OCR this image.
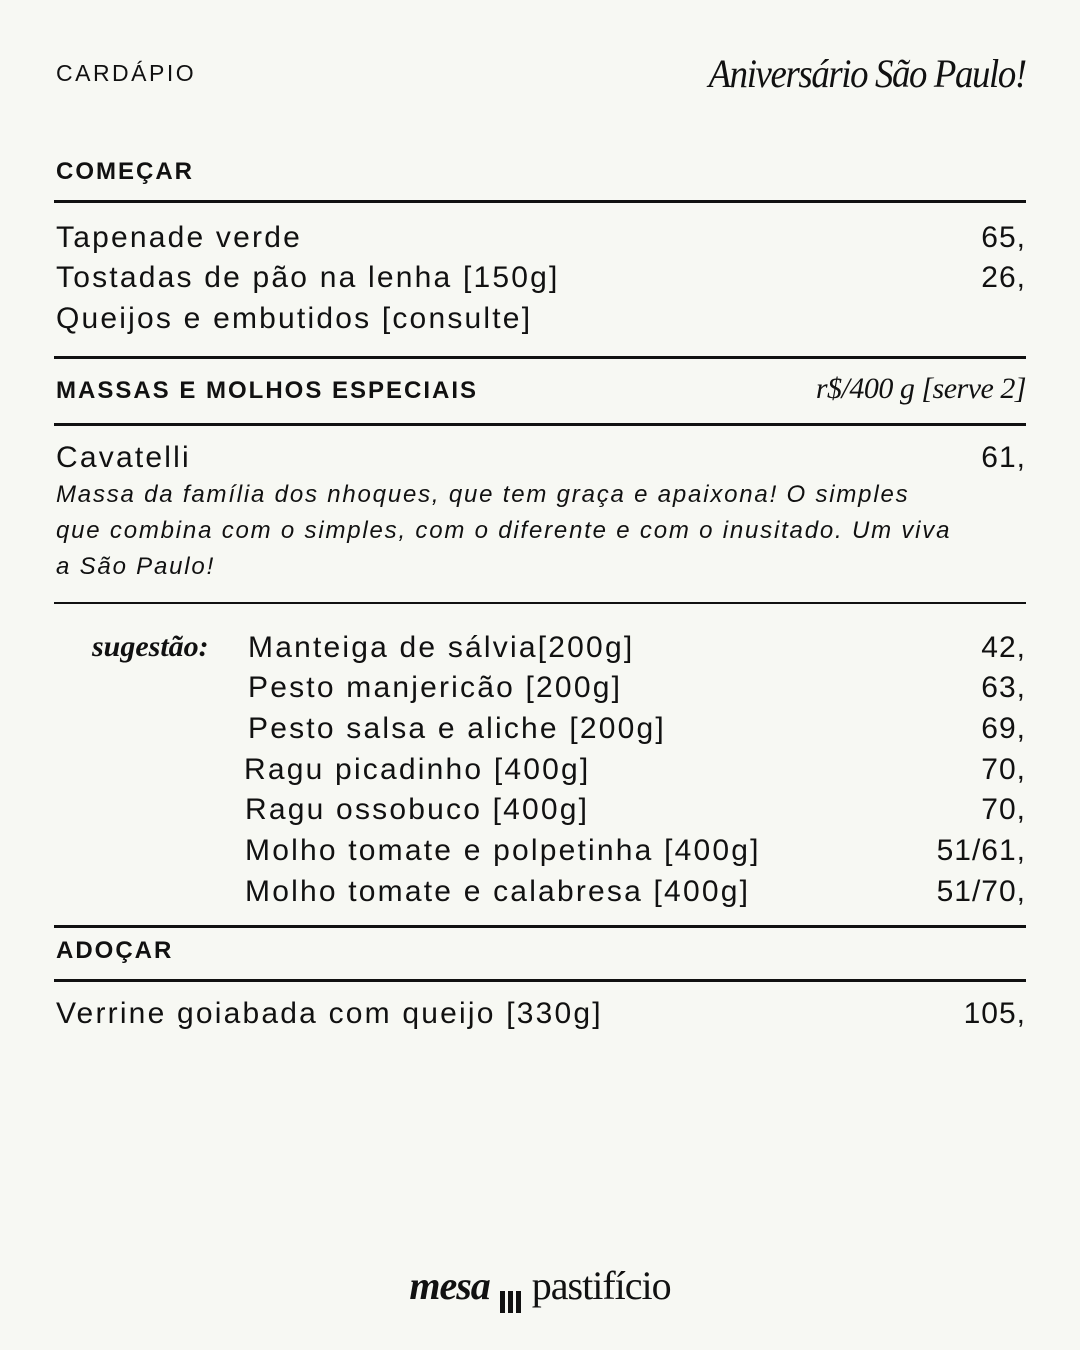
CARDÁPIO	Aniversário São Paulo!
COMEÇAR
Tapenade verde	65,
Tostadas de pão na lenha [150g]	26,
Queijos e embutidos [consulte]
MASSAS E MOLHOS ESPECIAIS	r$/400 g [serve 2]
Cavatelli	61,
Massa da família dos nhoques, que tem graça e apaixona! O simples que combina com o simples, com o diferente e com o inusitado. Um viva a São Paulo!
sugestão: Manteiga de sálvia[200g]	42,
Pesto manjericão [200g]	63,
Pesto salsa e aliche [200g]	69,
Ragu picadinho [400g]	70,
Ragu ossobuco [400g]	70,
Molho tomate e polpetinha [400g]	51/61,
Molho tomate e calabresa [400g]	51/70,
ADOÇAR
Verrine goiabada com queijo [330g]	105,
mesa pastifício
